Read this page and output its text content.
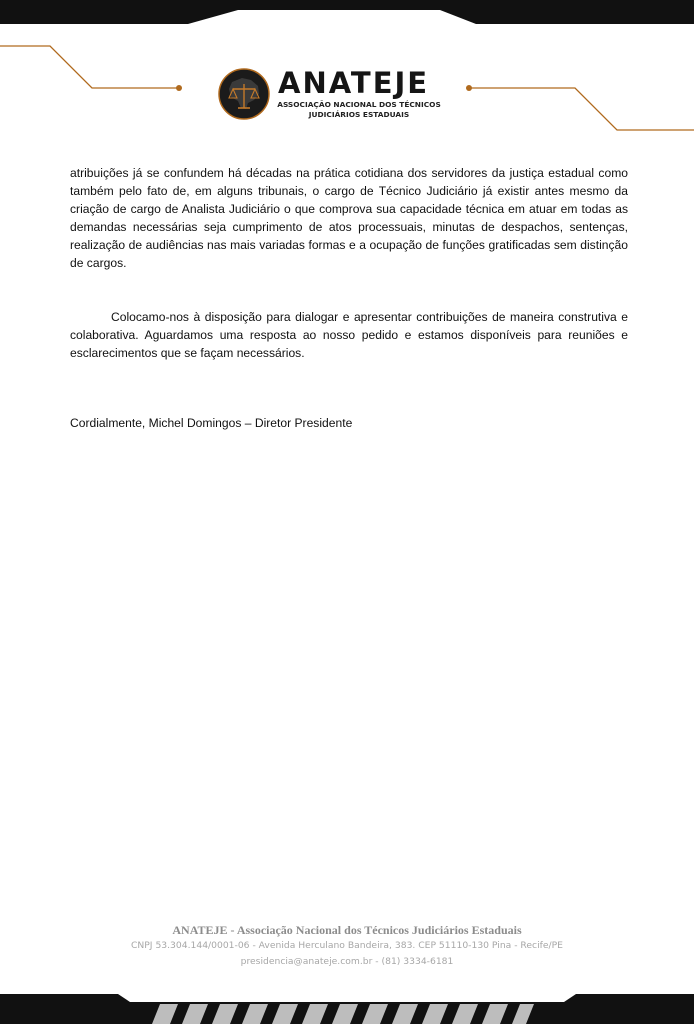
ANATEJE
ASSOCIAÇÃO NACIONAL DOS TÉCNICOS
JUDICIÁRIOS ESTADUAIS

atribuições já se confundem há décadas na prática cotidiana dos servidores da justiça estadual como também pelo fato de, em alguns tribunais, o cargo de Técnico Judiciário já existir antes mesmo da criação de cargo de Analista Judiciário o que comprova sua capacidade técnica em atuar em todas as demandas necessárias seja cumprimento de atos processuais, minutas de despachos, sentenças, realização de audiências nas mais variadas formas e a ocupação de funções gratificadas sem distinção de cargos.

Colocamo-nos à disposição para dialogar e apresentar contribuições de maneira construtiva e colaborativa. Aguardamos uma resposta ao nosso pedido e estamos disponíveis para reuniões e esclarecimentos que se façam necessários.

Cordialmente, Michel Domingos – Diretor Presidente

ANATEJE - Associação Nacional dos Técnicos Judiciários Estaduais
CNPJ 53.304.144/0001-06 - Avenida Herculano Bandeira, 383. CEP 51110-130 Pina - Recife/PE
presidencia@anateje.com.br - (81) 3334-6181
